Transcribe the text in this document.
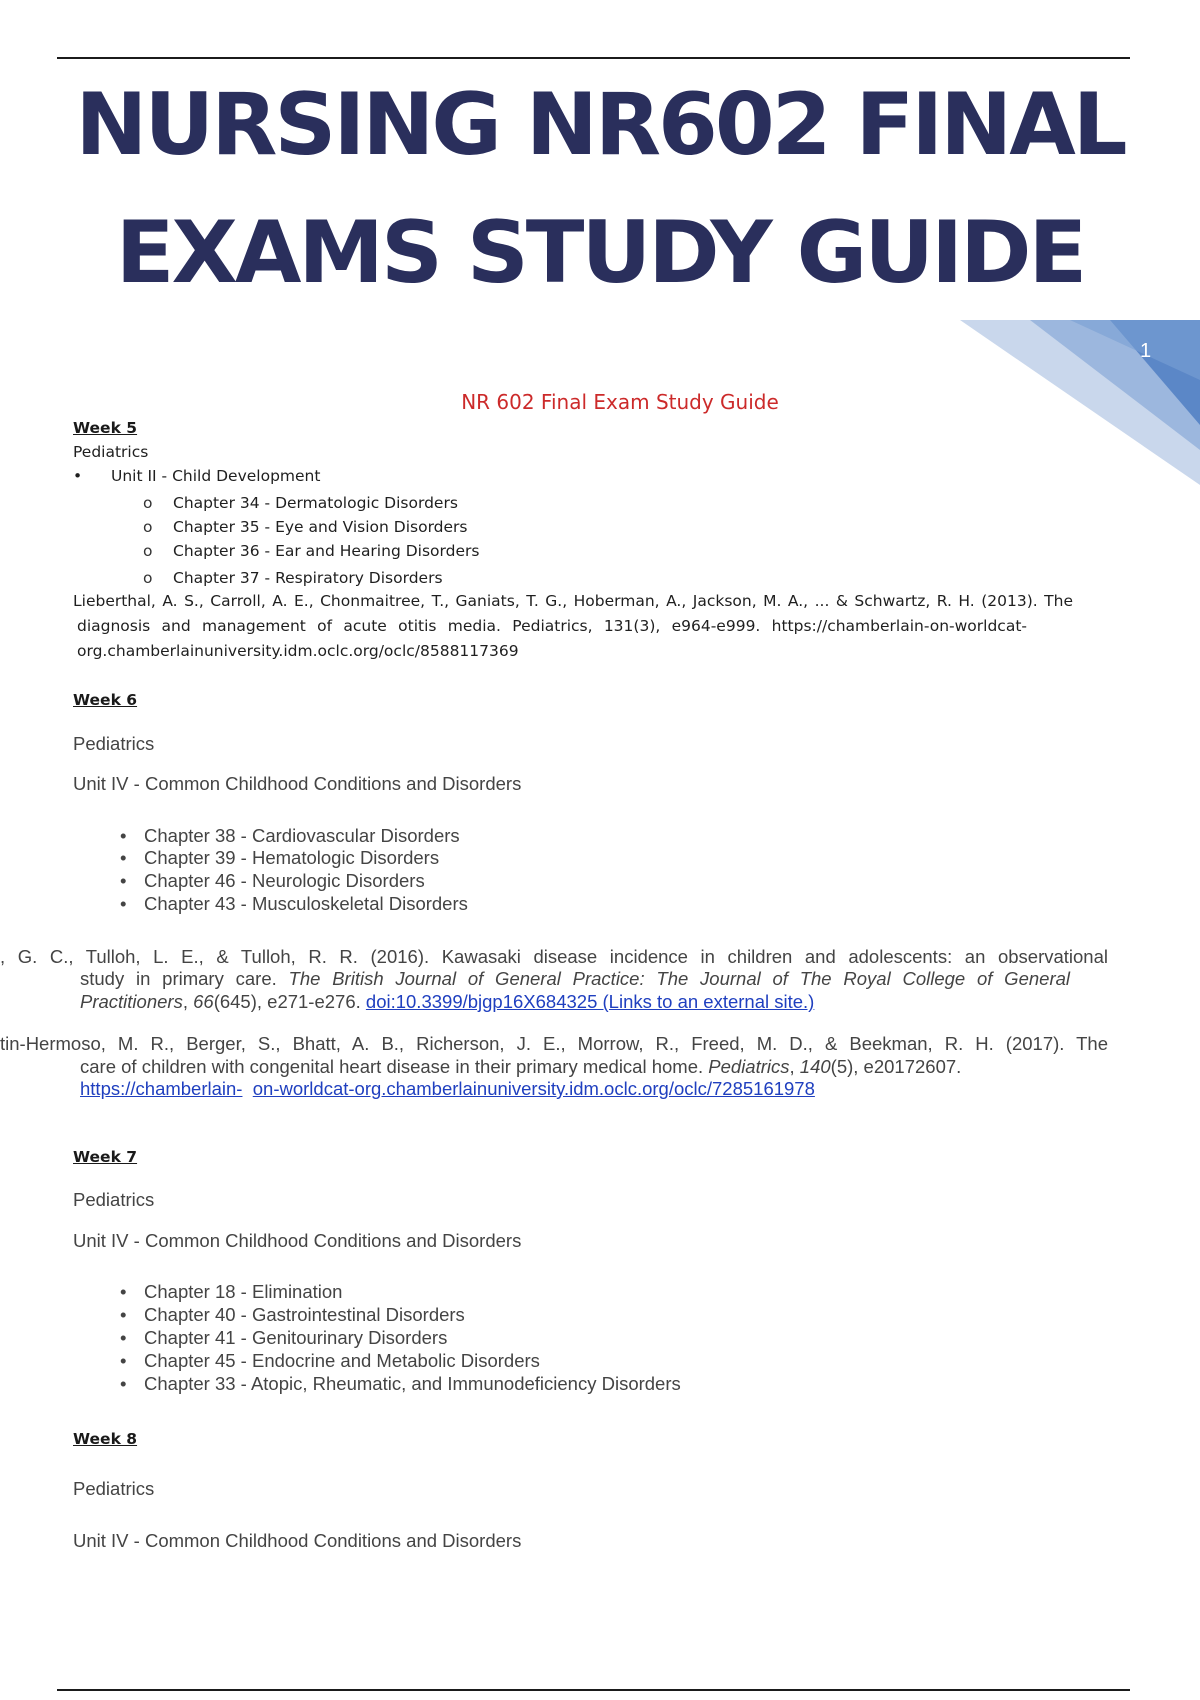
NURSING NR602 FINAL
EXAMS STUDY GUIDE
1
NR 602 Final Exam Study Guide
Week 5
Pediatrics
• Unit II - Child Development
o Chapter 34 - Dermatologic Disorders
o Chapter 35 - Eye and Vision Disorders
o Chapter 36 - Ear and Hearing Disorders
o Chapter 37 - Respiratory Disorders
Lieberthal, A. S., Carroll, A. E., Chonmaitree, T., Ganiats, T. G., Hoberman, A., Jackson, M. A., ... & Schwartz, R. H. (2013). The
diagnosis and management of acute otitis media. Pediatrics, 131(3), e964-e999. https://chamberlain-on-worldcat-
org.chamberlainuniversity.idm.oclc.org/oclc/8588117369
Week 6
Pediatrics
Unit IV - Common Childhood Conditions and Disorders
• Chapter 38 - Cardiovascular Disorders
• Chapter 39 - Hematologic Disorders
• Chapter 46 - Neurologic Disorders
• Chapter 43 - Musculoskeletal Disorders
, G. C., Tulloh, L. E., & Tulloh, R. R. (2016). Kawasaki disease incidence in children and adolescents: an observational
study in primary care. The British Journal of General Practice: The Journal of The Royal College of General
Practitioners, 66(645), e271-e276. doi:10.3399/bjgp16X684325 (Links to an external site.)
tin-Hermoso, M. R., Berger, S., Bhatt, A. B., Richerson, J. E., Morrow, R., Freed, M. D., & Beekman, R. H. (2017). The
care of children with congenital heart disease in their primary medical home. Pediatrics, 140(5), e20172607.
https://chamberlain- on-worldcat-org.chamberlainuniversity.idm.oclc.org/oclc/7285161978
Week 7
Pediatrics
Unit IV - Common Childhood Conditions and Disorders
• Chapter 18 - Elimination
• Chapter 40 - Gastrointestinal Disorders
• Chapter 41 - Genitourinary Disorders
• Chapter 45 - Endocrine and Metabolic Disorders
• Chapter 33 - Atopic, Rheumatic, and Immunodeficiency Disorders
Week 8
Pediatrics
Unit IV - Common Childhood Conditions and Disorders
